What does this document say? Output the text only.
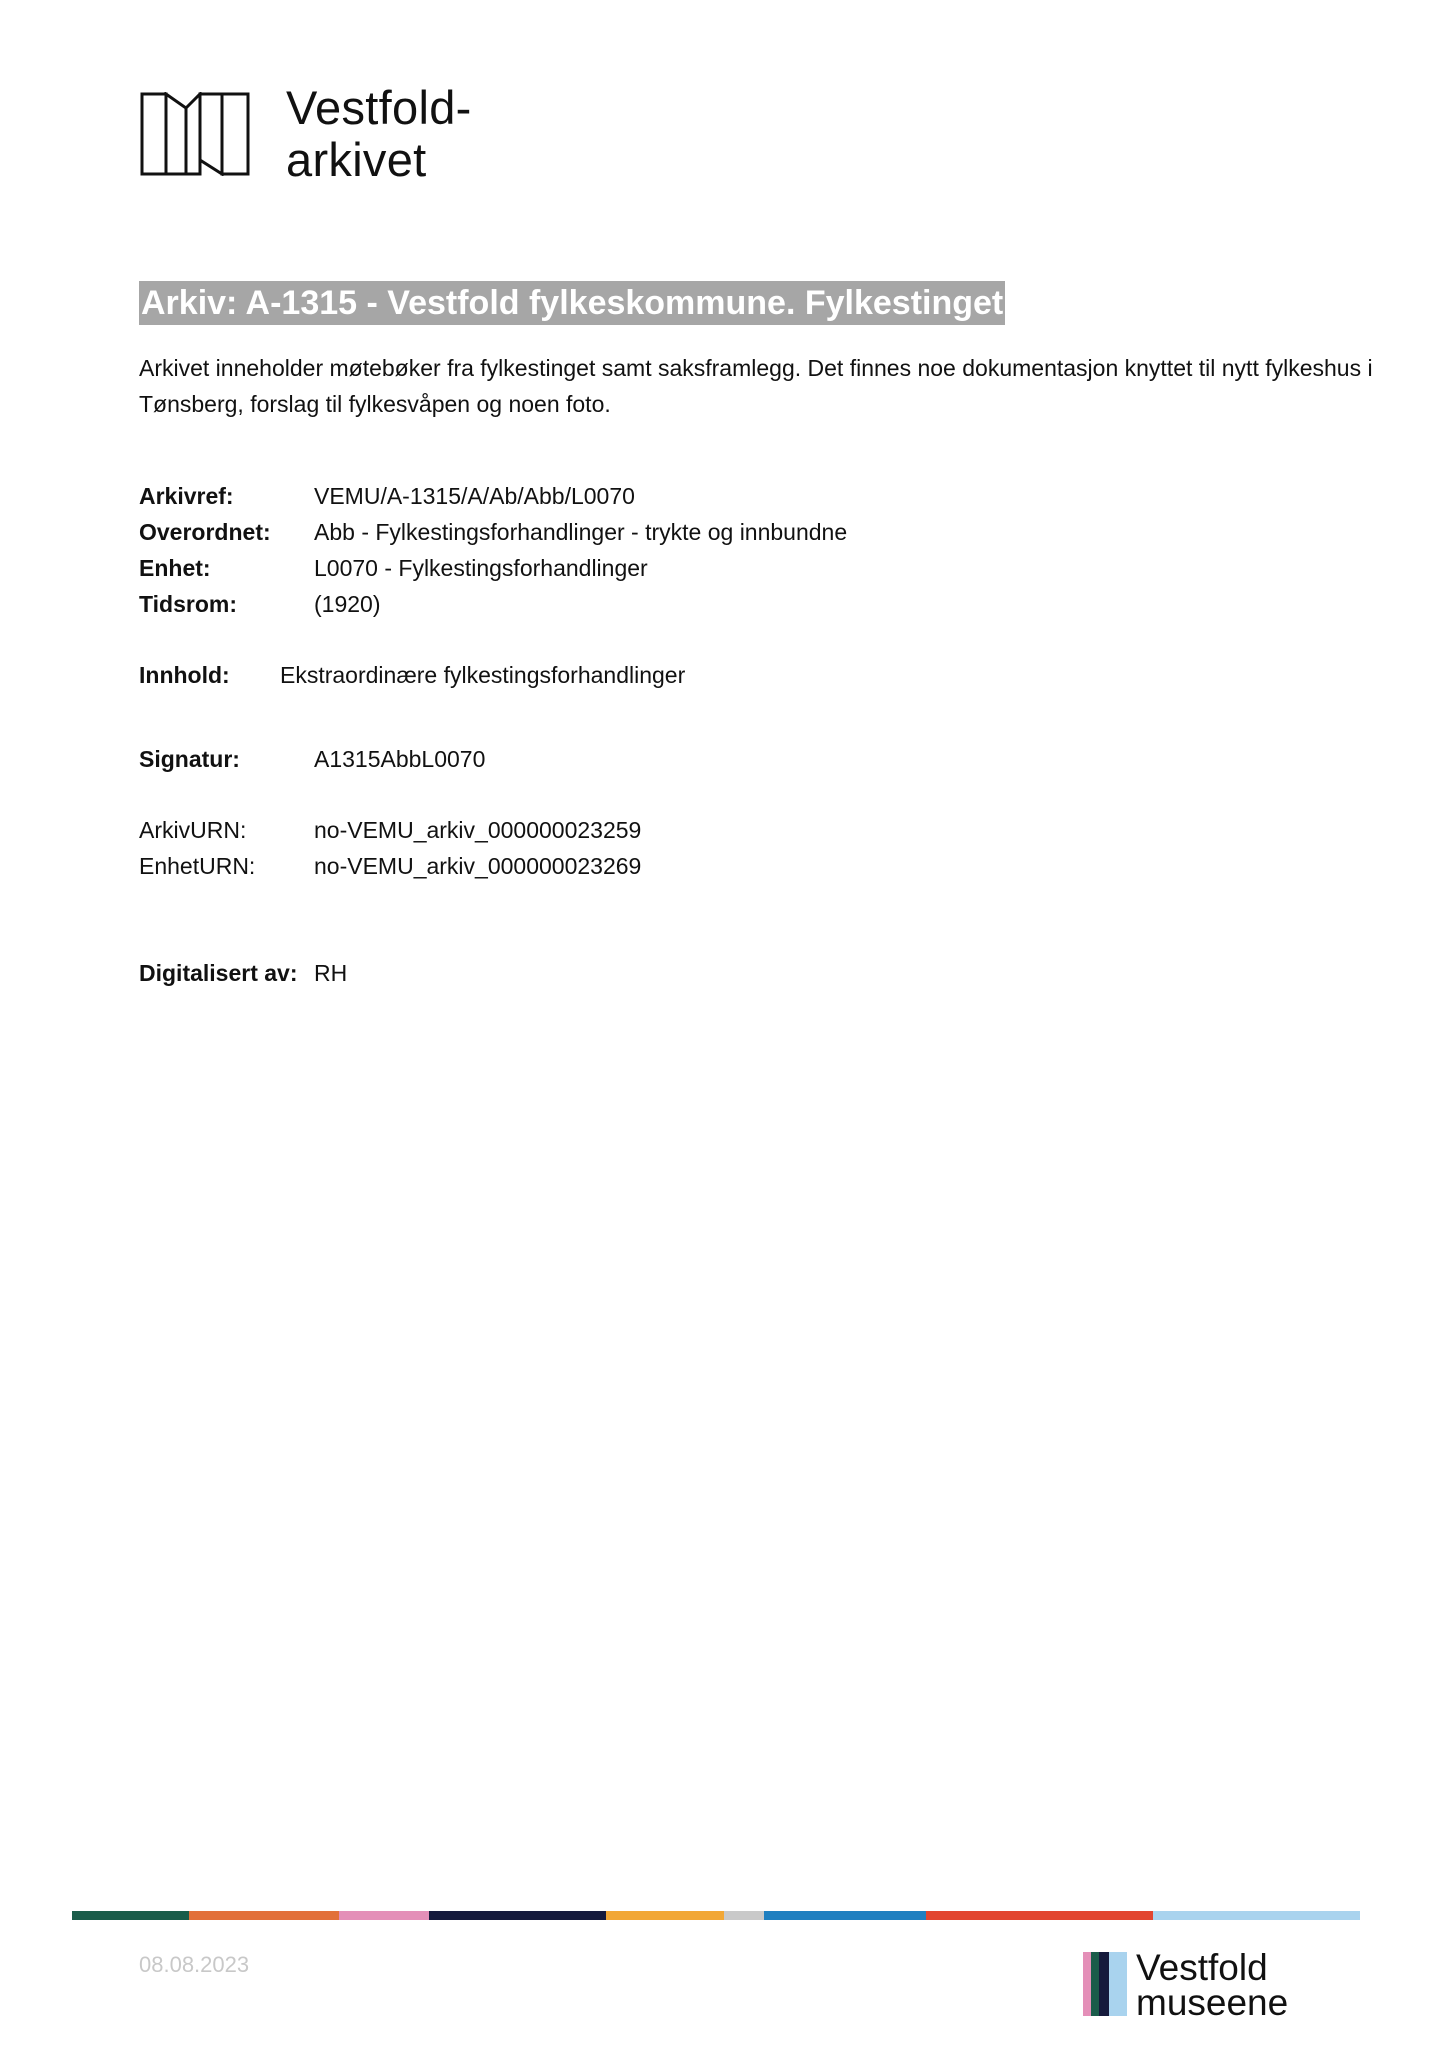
Vestfold-
arkivet
Arkiv: A-1315 - Vestfold fylkeskommune. Fylkestinget
Arkivet inneholder møtebøker fra fylkestinget samt saksframlegg. Det finnes noe dokumentasjon knyttet til nytt fylkeshus i Tønsberg, forslag til fylkesvåpen og noen foto.
Arkivref:	VEMU/A-1315/A/Ab/Abb/L0070
Overordnet: Abb - Fylkestingsforhandlinger - trykte og innbundne
Enhet:	L0070 - Fylkestingsforhandlinger
Tidsrom:	(1920)
Innhold: Ekstraordinære fylkestingsforhandlinger
Signatur:	A1315AbbL0070
ArkivURN:	no-VEMU_arkiv_000000023259
EnhetURN:	no-VEMU_arkiv_000000023269
Digitalisert av: RH
08.08.2023	Vestfold
museene
